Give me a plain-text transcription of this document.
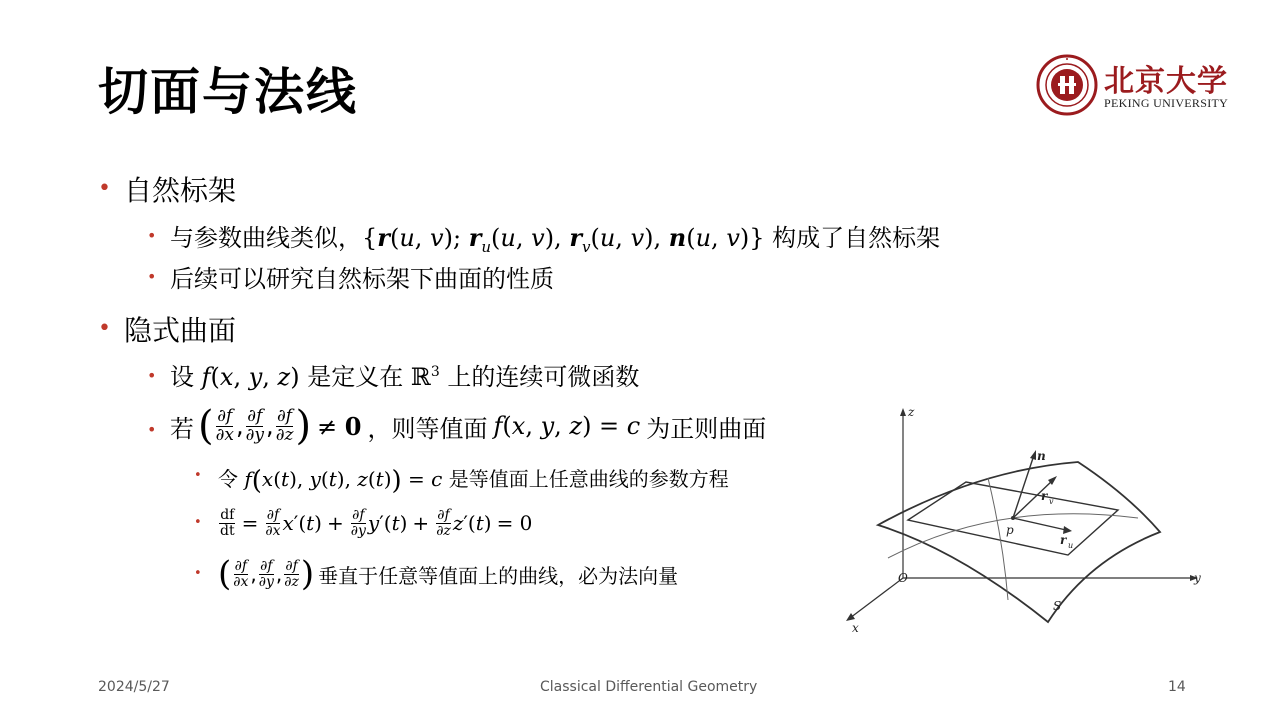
切面与法线	北京大学
PEKING UNIVERSITY
• 自然标架
• 与参数曲线类似，{r(u, v); $r_u(u$, v), $r_v(u$, v), n(u, v)} 构成了自然标架
• 后续可以研究自然标架下曲面的性质
• 隐式曲面
• 设 f(x, y, z) 是定义在 ℝ$^3$ 上的连续可微函数
• 若 ( $\frac{\partial f}{\partial x}$ , $\frac{\partial f}{\partial y}$ , $\frac{\partial f}{\partial z}$ ) ≠ 0 ，则等值面 f(x, y, z) = c 为正则曲面
• 令 f(x(t), y(t), z(t)) = c 是等值面上任意曲线的参数方程
• $\frac{df}{dt} = \frac{\partial f}{\partial x}$ x ′( t ) + $\frac{\partial f}{\partial y}$ y ′( t ) + $\frac{\partial f}{\partial z}$ z ′( t ) = 0
• ( $\frac{\partial f}{\partial x}$ , $\frac{\partial f}{\partial y}$ , $\frac{\partial f}{\partial z}$ ) 垂直于任意等值面上的曲线，必为法向量
z
y
x
O
n
r v
r u
p
S
2024/5/27	Classical Differential Geometry	14
